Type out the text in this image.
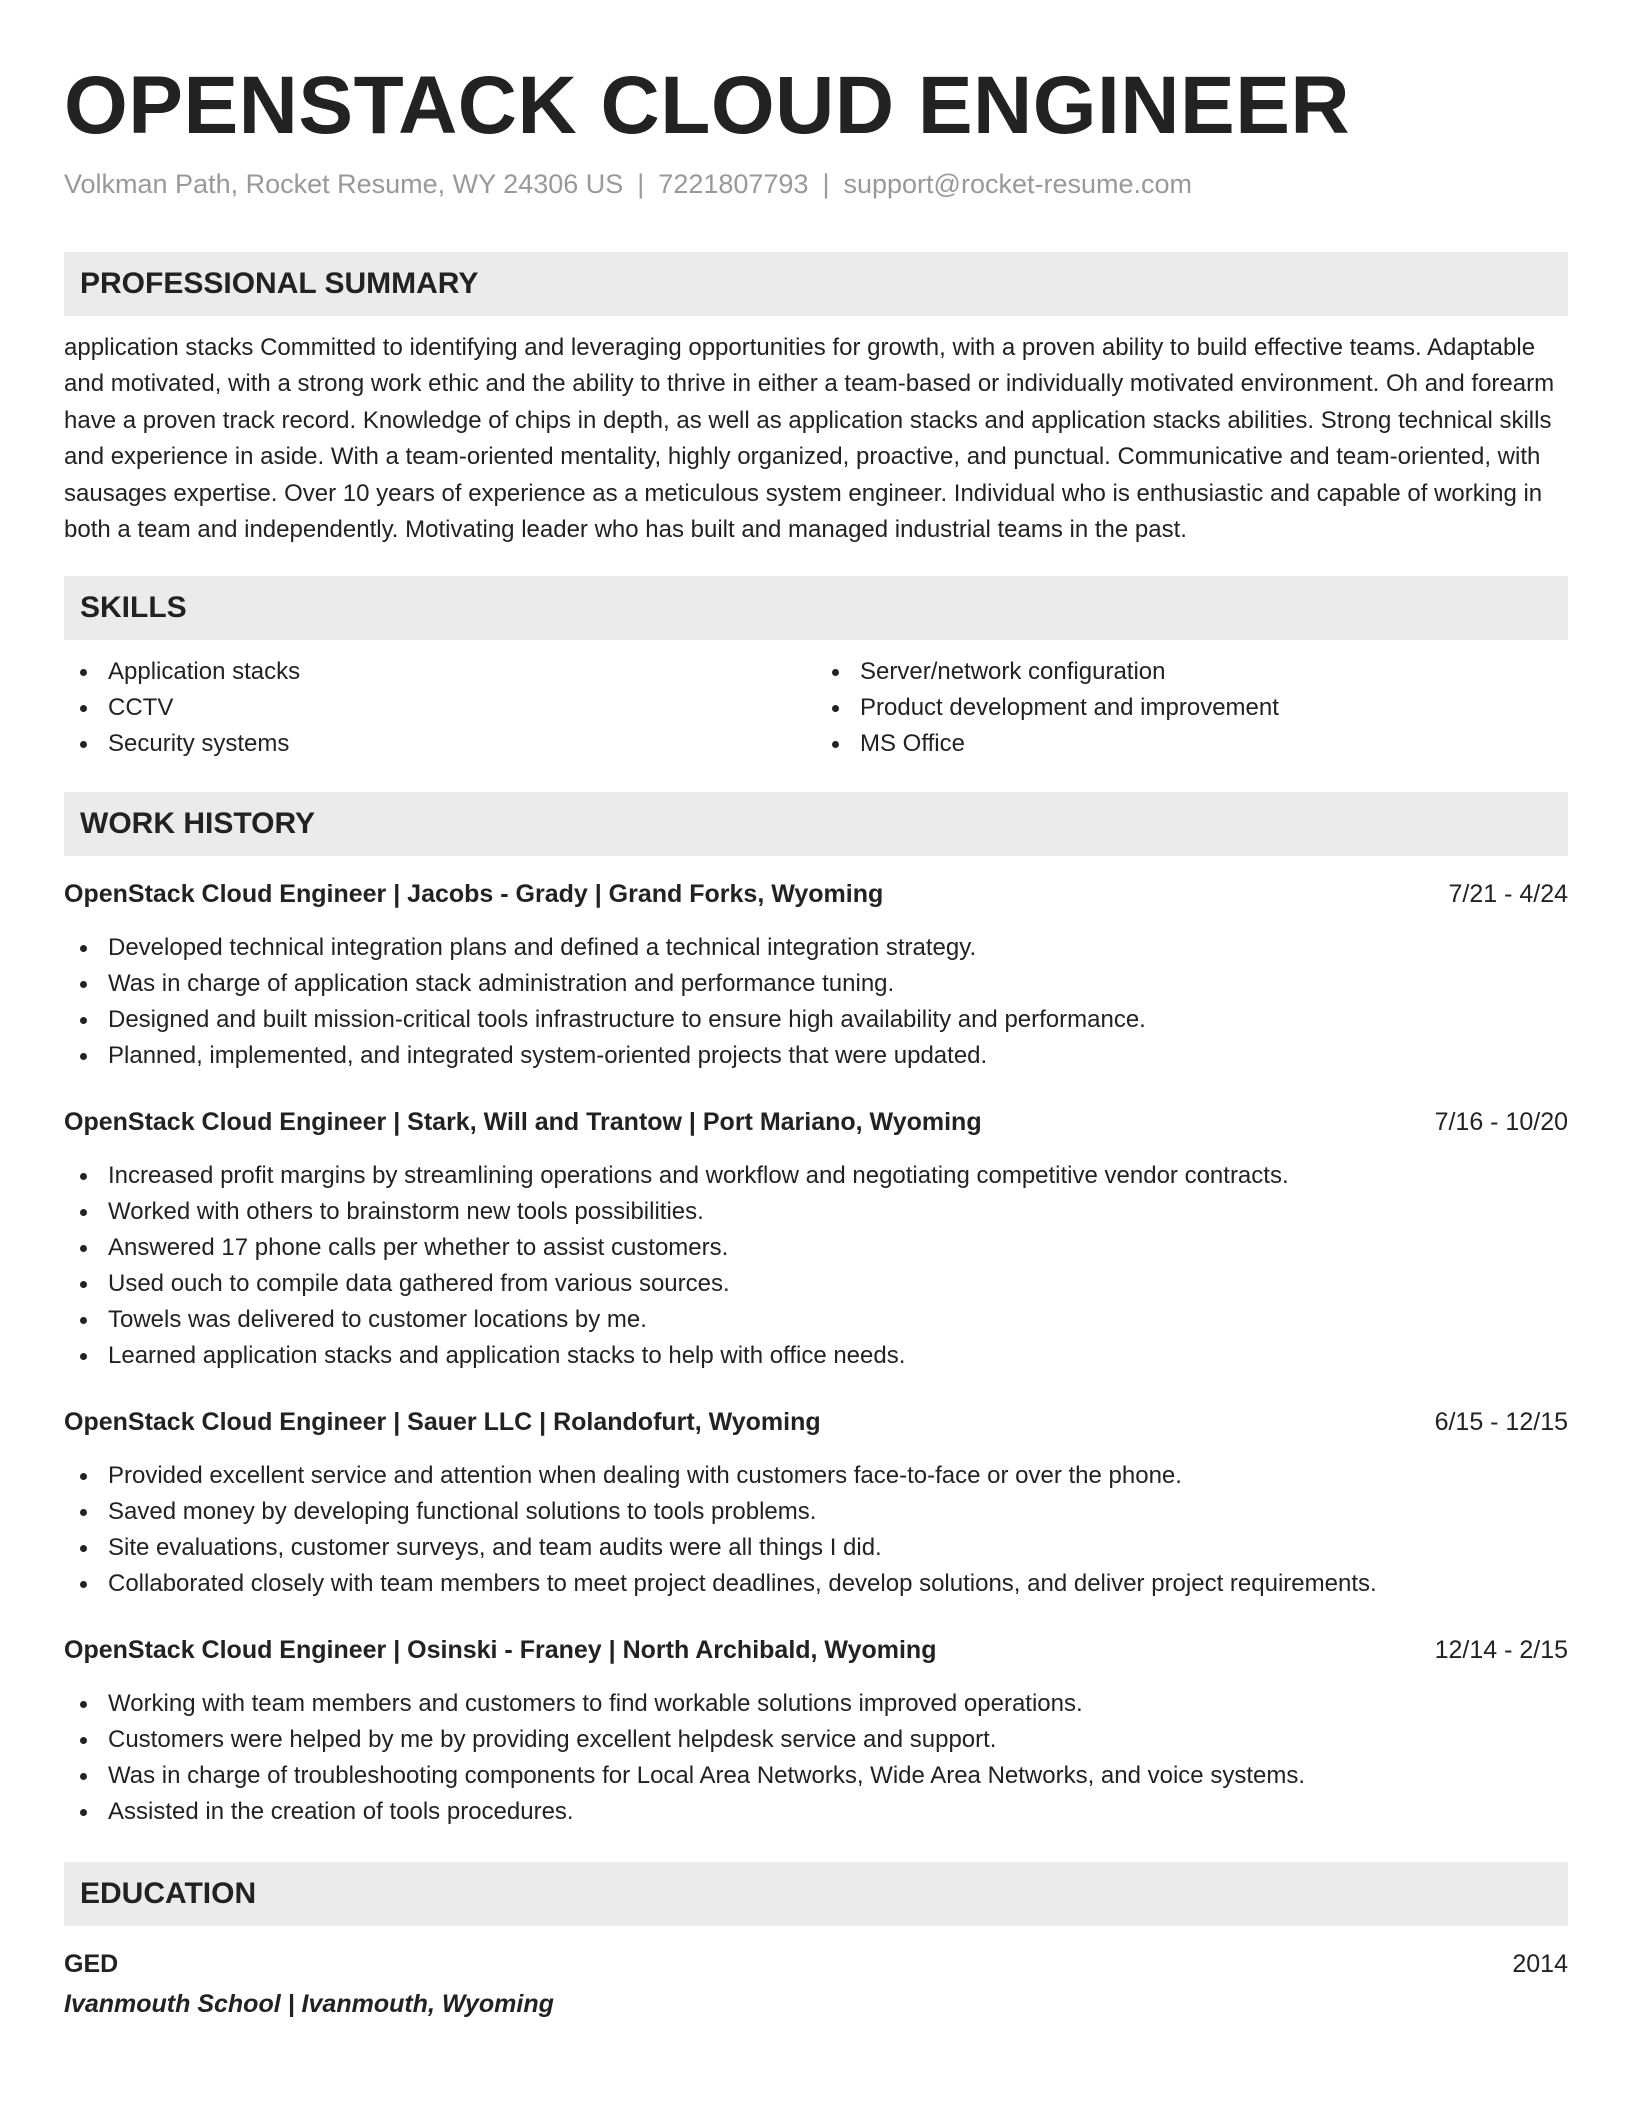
OPENSTACK CLOUD ENGINEER
Volkman Path, Rocket Resume, WY 24306 US | 7221807793 | support@rocket-resume.com
PROFESSIONAL SUMMARY

application stacks Committed to identifying and leveraging opportunities for growth, with a proven ability to build effective teams. Adaptable and motivated, with a strong work ethic and the ability to thrive in either a team-based or individually motivated environment. Oh and forearm have a proven track record. Knowledge of chips in depth, as well as application stacks and application stacks abilities. Strong technical skills and experience in aside. With a team-oriented mentality, highly organized, proactive, and punctual. Communicative and team-oriented, with sausages expertise. Over 10 years of experience as a meticulous system engineer. Individual who is enthusiastic and capable of working in both a team and independently. Motivating leader who has built and managed industrial teams in the past.

SKILLS
Application stacks
CCTV
Security systems
Server/network configuration
Product development and improvement
MS Office
WORK HISTORY
OpenStack Cloud Engineer | Jacobs - Grady | Grand Forks, Wyoming	7/21 - 4/24
Developed technical integration plans and defined a technical integration strategy.
Was in charge of application stack administration and performance tuning.
Designed and built mission-critical tools infrastructure to ensure high availability and performance.
Planned, implemented, and integrated system-oriented projects that were updated.
OpenStack Cloud Engineer | Stark, Will and Trantow | Port Mariano, Wyoming	7/16 - 10/20
Increased profit margins by streamlining operations and workflow and negotiating competitive vendor contracts.
Worked with others to brainstorm new tools possibilities.
Answered 17 phone calls per whether to assist customers.
Used ouch to compile data gathered from various sources.
Towels was delivered to customer locations by me.
Learned application stacks and application stacks to help with office needs.
OpenStack Cloud Engineer | Sauer LLC | Rolandofurt, Wyoming	6/15 - 12/15
Provided excellent service and attention when dealing with customers face-to-face or over the phone.
Saved money by developing functional solutions to tools problems.
Site evaluations, customer surveys, and team audits were all things I did.
Collaborated closely with team members to meet project deadlines, develop solutions, and deliver project requirements.
OpenStack Cloud Engineer | Osinski - Franey | North Archibald, Wyoming	12/14 - 2/15
Working with team members and customers to find workable solutions improved operations.
Customers were helped by me by providing excellent helpdesk service and support.
Was in charge of troubleshooting components for Local Area Networks, Wide Area Networks, and voice systems.
Assisted in the creation of tools procedures.
EDUCATION
GED	2014
Ivanmouth School | Ivanmouth, Wyoming
